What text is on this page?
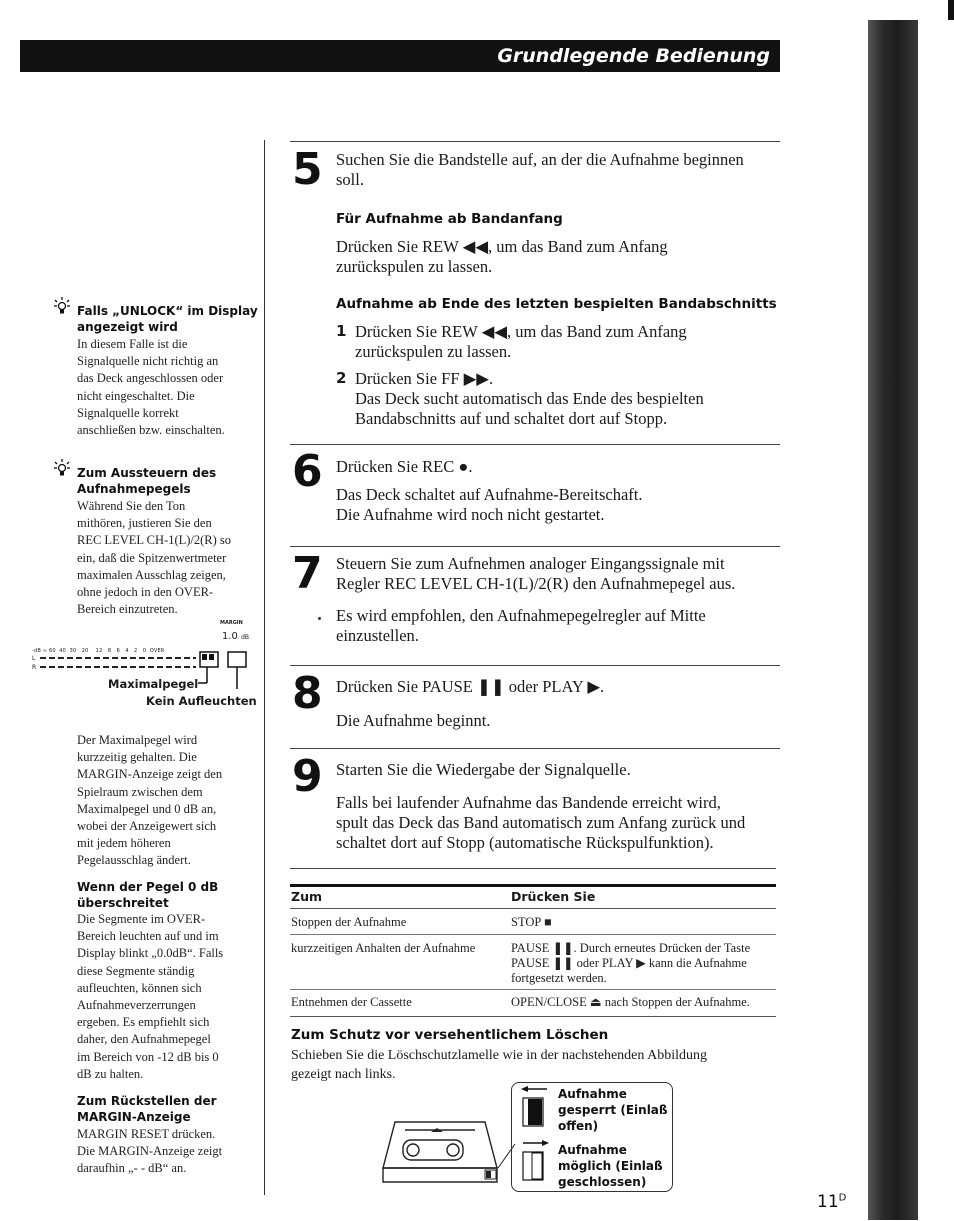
Grundlegende Bedienung
Falls „UNLOCK“ im Display
angezeigt wird
In diesem Falle ist die
Signalquelle nicht richtig an
das Deck angeschlossen oder
nicht eingeschaltet. Die
Signalquelle korrekt
anschließen bzw. einschalten.
Zum Aussteuern des
Aufnahmepegels
Während Sie den Ton
mithören, justieren Sie den
REC LEVEL CH-1(L)/2(R) so
ein, daß die Spitzenwertmeter
maximalen Ausschlag zeigen,
ohne jedoch in den OVER-
Bereich einzutreten.
MARGIN
1.0 dB
-dB ∞ 60  40  30   20    12   8   6   4   2   0  OVER
L
R
Maximalpegel
Kein Aufleuchten
Der Maximalpegel wird
kurzzeitig gehalten. Die
MARGIN-Anzeige zeigt den
Spielraum zwischen dem
Maximalpegel und 0 dB an,
wobei der Anzeigewert sich
mit jedem höheren
Pegelausschlag ändert.
Wenn der Pegel 0 dB
überschreitet
Die Segmente im OVER-
Bereich leuchten auf und im
Display blinkt „0.0dB“. Falls
diese Segmente ständig
aufleuchten, können sich
Aufnahmeverzerrungen
ergeben. Es empfiehlt sich
daher, den Aufnahmepegel
im Bereich von -12 dB bis 0
dB zu halten.
Zum Rückstellen der
MARGIN-Anzeige
MARGIN RESET drücken.
Die MARGIN-Anzeige zeigt
daraufhin „- - dB“ an.
5 Suchen Sie die Bandstelle auf, an der die Aufnahme beginnen
soll.
Für Aufnahme ab Bandanfang
Drücken Sie REW ◀◀, um das Band zum Anfang
zurückspulen zu lassen.
Aufnahme ab Ende des letzten bespielten Bandabschnitts
1 Drücken Sie REW ◀◀, um das Band zum Anfang
zurückspulen zu lassen.
2 Drücken Sie FF ▶▶.
Das Deck sucht automatisch das Ende des bespielten
Bandabschnitts auf und schaltet dort auf Stopp.
6 Drücken Sie REC ●.
Das Deck schaltet auf Aufnahme-Bereitschaft.
Die Aufnahme wird noch nicht gestartet.
7 Steuern Sie zum Aufnehmen analoger Eingangssignale mit
Regler REC LEVEL CH-1(L)/2(R) den Aufnahmepegel aus.
Es wird empfohlen, den Aufnahmepegelregler auf Mitte
einzustellen.
8 Drücken Sie PAUSE ❚❚ oder PLAY ▶.
Die Aufnahme beginnt.
9 Starten Sie die Wiedergabe der Signalquelle.
Falls bei laufender Aufnahme das Bandende erreicht wird,
spult das Deck das Band automatisch zum Anfang zurück und
schaltet dort auf Stopp (automatische Rückspulfunktion).
Zum	Drücken Sie
Stoppen der Aufnahme	STOP ■
kurzzeitigen Anhalten der Aufnahme	PAUSE ❚❚. Durch erneutes Drücken der Taste
PAUSE ❚❚ oder PLAY ▶ kann die Aufnahme
fortgesetzt werden.
Entnehmen der Cassette	OPEN/CLOSE ⏏ nach Stoppen der Aufnahme.
Zum Schutz vor versehentlichem Löschen
Schieben Sie die Löschschutzlamelle wie in der nachstehenden Abbildung
gezeigt nach links.
Aufnahme
gesperrt (Einlaß
offen)
Aufnahme
möglich (Einlaß
geschlossen)
$11^D$
